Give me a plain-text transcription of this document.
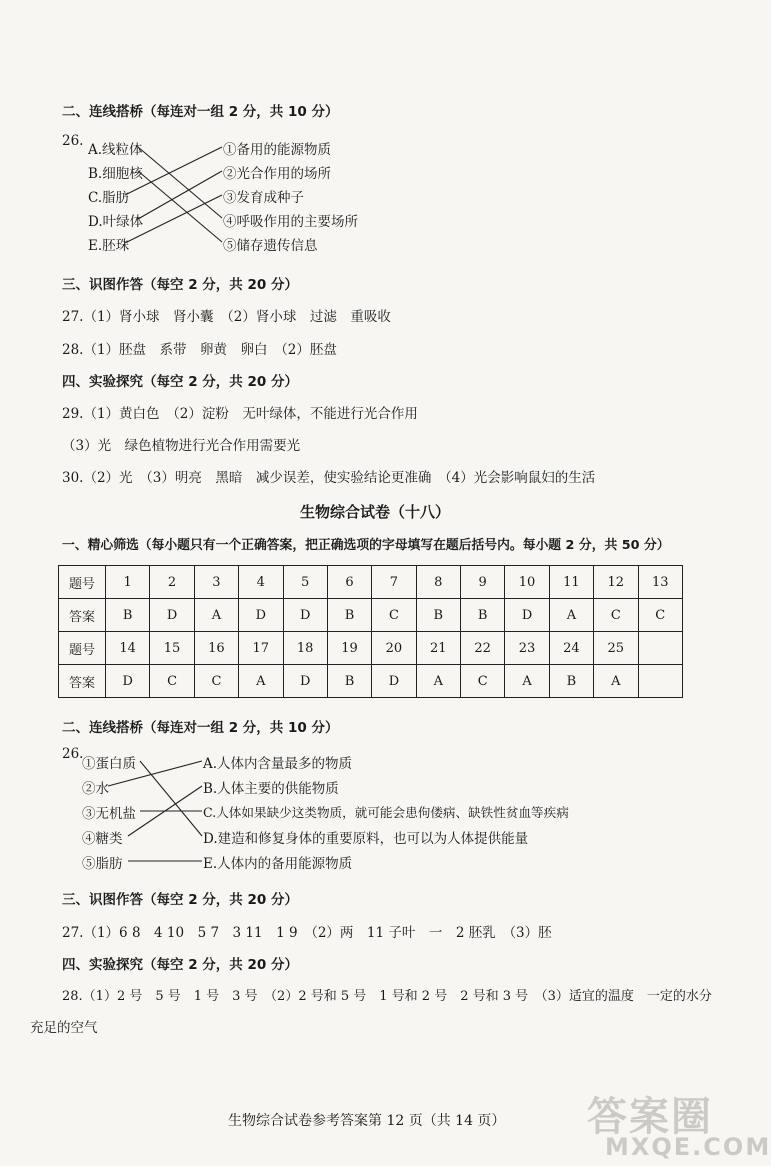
二、连线搭桥（每连对一组 2 分，共 10 分）
26.
A.线粒体
B.细胞核
C.脂肪
D.叶绿体
E.胚珠
①备用的能源物质
②光合作用的场所
③发育成种子
④呼吸作用的主要场所
⑤储存遗传信息
三、识图作答（每空 2 分，共 20 分）
27.（1）肾小球　肾小囊　（2）肾小球　过滤　重吸收
28.（1）胚盘　系带　卵黄　卵白　（2）胚盘
四、实验探究（每空 2 分，共 20 分）
29.（1）黄白色　（2）淀粉　无叶绿体，不能进行光合作用
（3）光　绿色植物进行光合作用需要光
30.（2）光　（3）明亮　黑暗　减少误差，使实验结论更准确　（4）光会影响鼠妇的生活
生物综合试卷（十八）
一、精心筛选（每小题只有一个正确答案，把正确选项的字母填写在题后括号内。每小题 2 分，共 50 分）
题号	1	2	3	4	5	6	7	8	9	10	11	12	13
答案	B	D	A	D	D	B	C	B	B	D	A	C	C
题号	14	15	16	17	18	19	20	21	22	23	24	25	
答案	D	C	C	A	D	B	D	A	C	A	B	A	
二、连线搭桥（每连对一组 2 分，共 10 分）
26.
①蛋白质
②水
③无机盐
④糖类
⑤脂肪
A.人体内含量最多的物质
B.人体主要的供能物质
C.人体如果缺少这类物质，就可能会患佝偻病、缺铁性贫血等疾病
D.建造和修复身体的重要原料，也可以为人体提供能量
E.人体内的备用能源物质
三、识图作答（每空 2 分，共 20 分）
27.（1）6 8　4 10　5 7　3 11　1 9　（2）两　11 子叶　一　2 胚乳　（3）胚
四、实验探究（每空 2 分，共 20 分）
28.（1）2 号　5 号　1 号　3 号　（2）2 号和 5 号　1 号和 2 号　2 号和 3 号　（3）适宜的温度　一定的水分
充足的空气
生物综合试卷参考答案第 12 页（共 14 页） 答案圈
MXQE.COM
